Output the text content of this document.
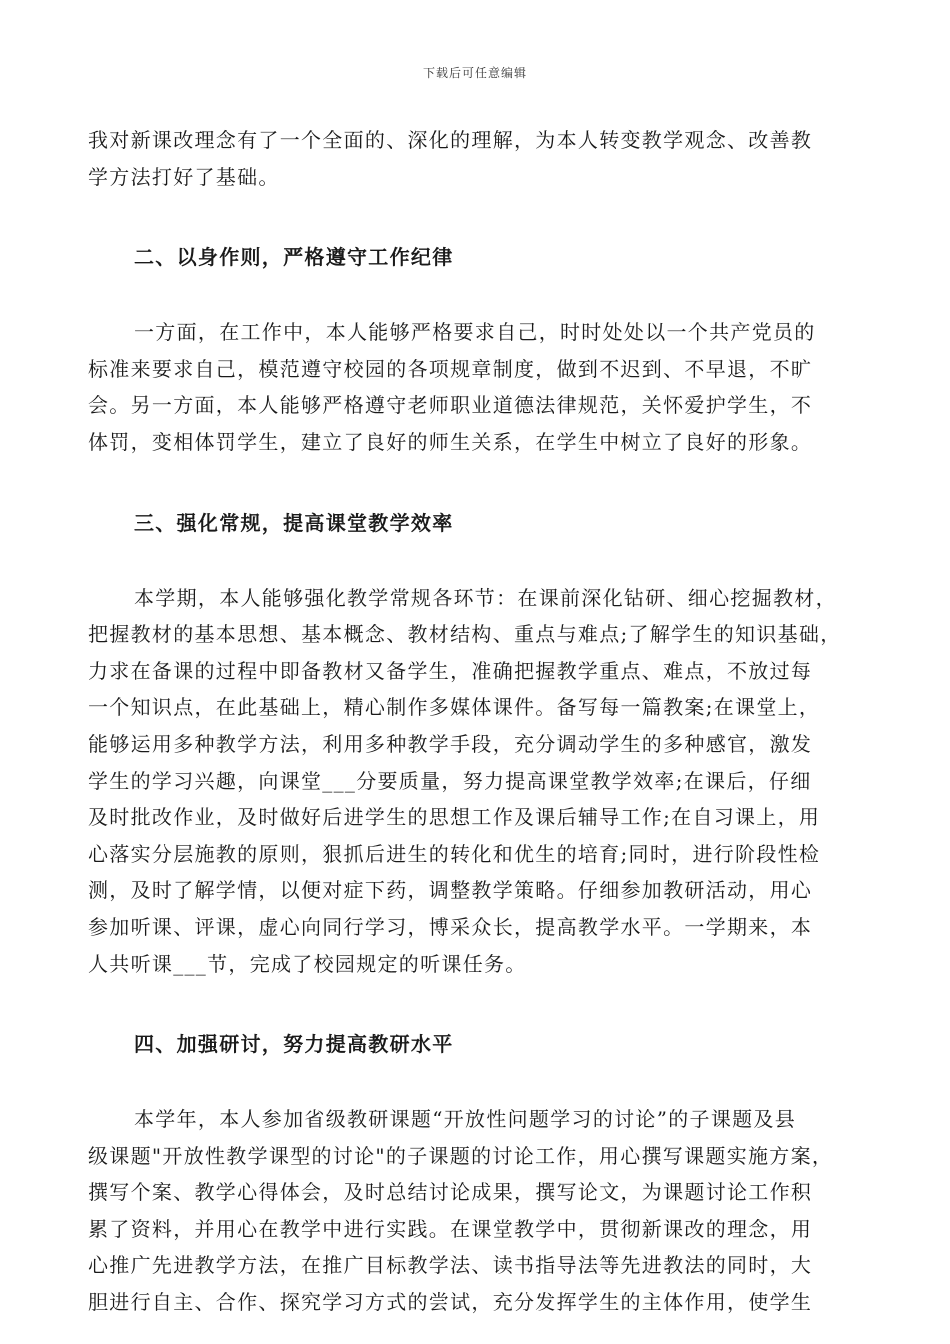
下载后可任意编辑
我对新课改理念有了一个全面的、深化的理解，为本人转变教学观念、改善教
学方法打好了基础。
二、以身作则，严格遵守工作纪律
一方面，在工作中，本人能够严格要求自己，时时处处以一个共产党员的
标准来要求自己，模范遵守校园的各项规章制度，做到不迟到、不早退，不旷
会。另一方面，本人能够严格遵守老师职业道德法律规范，关怀爱护学生，不
体罚，变相体罚学生，建立了良好的师生关系，在学生中树立了良好的形象。
三、强化常规，提高课堂教学效率
本学期，本人能够强化教学常规各环节：在课前深化钻研、细心挖掘教材，
把握教材的基本思想、基本概念、教材结构、重点与难点;了解学生的知识基础，
力求在备课的过程中即备教材又备学生，准确把握教学重点、难点，不放过每
一个知识点，在此基础上，精心制作多媒体课件。备写每一篇教案;在课堂上，
能够运用多种教学方法，利用多种教学手段，充分调动学生的多种感官，激发
学生的学习兴趣，向课堂___分要质量，努力提高课堂教学效率;在课后，仔细
及时批改作业，及时做好后进学生的思想工作及课后辅导工作;在自习课上，用
心落实分层施教的原则，狠抓后进生的转化和优生的培育;同时，进行阶段性检
测，及时了解学情，以便对症下药，调整教学策略。仔细参加教研活动，用心
参加听课、评课，虚心向同行学习，博采众长，提高教学水平。一学期来，本
人共听课___节，完成了校园规定的听课任务。
四、加强研讨，努力提高教研水平
本学年，本人参加省级教研课题“开放性问题学习的讨论”的子课题及县
级课题"开放性教学课型的讨论"的子课题的讨论工作，用心撰写课题实施方案，
撰写个案、教学心得体会，及时总结讨论成果，撰写论文，为课题讨论工作积
累了资料，并用心在教学中进行实践。在课堂教学中，贯彻新课改的理念，用
心推广先进教学方法，在推广目标教学法、读书指导法等先进教法的同时，大
胆进行自主、合作、探究学习方式的尝试，充分发挥学生的主体作用，使学生
